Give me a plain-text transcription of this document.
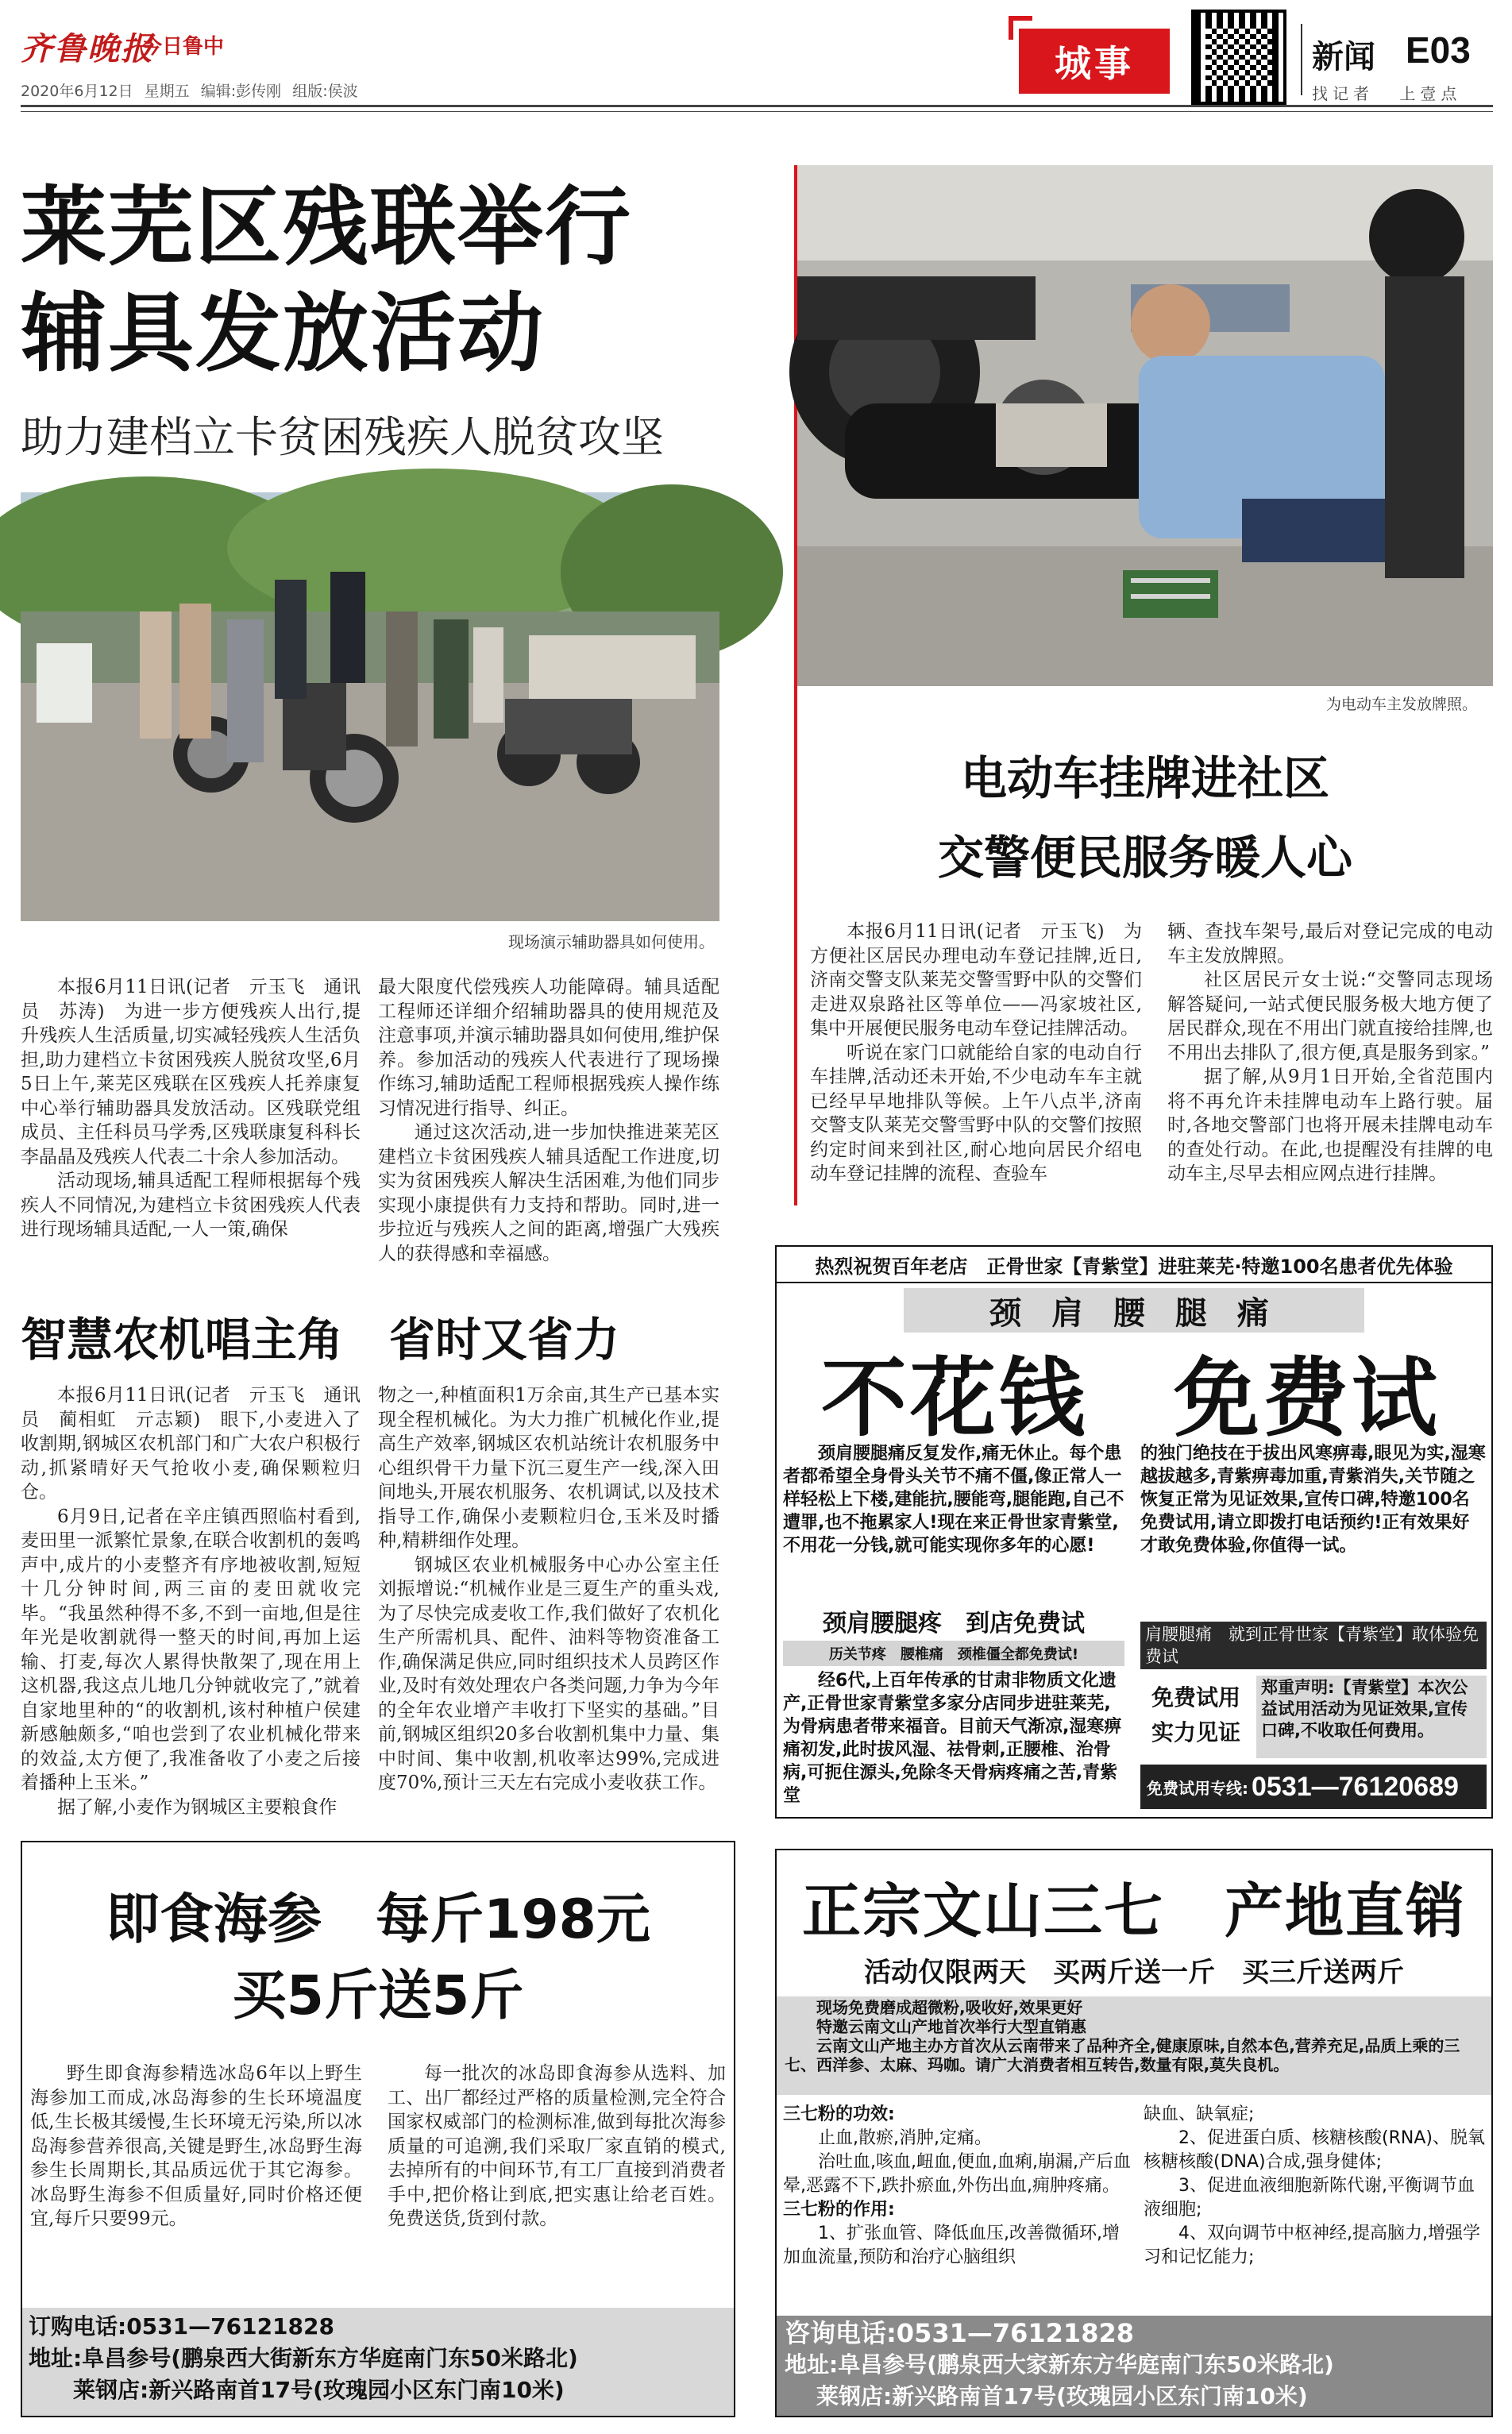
齐鲁晚报
今日鲁中
2020年6月12日 星期五 编辑:彭传刚 组版:侯波
城事	新闻 E03
找记者 上壹点
莱芜区残联举行
辅具发放活动
助力建档立卡贫困残疾人脱贫攻坚
现场演示辅助器具如何使用。

本报6月11日讯(记者　亓玉飞　通讯员　苏涛)　为进一步方便残疾人出行,提升残疾人生活质量,切实减轻残疾人生活负担,助力建档立卡贫困残疾人脱贫攻坚,6月5日上午,莱芜区残联在区残疾人托养康复中心举行辅助器具发放活动。区残联党组成员、主任科员马学秀,区残联康复科科长李晶晶及残疾人代表二十余人参加活动。

活动现场,辅具适配工程师根据每个残疾人不同情况,为建档立卡贫困残疾人代表进行现场辅具适配,一人一策,确保

最大限度代偿残疾人功能障碍。辅具适配工程师还详细介绍辅助器具的使用规范及注意事项,并演示辅助器具如何使用,维护保养。参加活动的残疾人代表进行了现场操作练习,辅助适配工程师根据残疾人操作练习情况进行指导、纠正。

通过这次活动,进一步加快推进莱芜区建档立卡贫困残疾人辅具适配工作进度,切实为贫困残疾人解决生活困难,为他们同步实现小康提供有力支持和帮助。同时,进一步拉近与残疾人之间的距离,增强广大残疾人的获得感和幸福感。

为电动车主发放牌照。
电动车挂牌进社区
交警便民服务暖人心

本报6月11日讯(记者　亓玉飞)　为方便社区居民办理电动车登记挂牌,近日,济南交警支队莱芜交警雪野中队的交警们走进双泉路社区等单位——冯家坡社区,集中开展便民服务电动车登记挂牌活动。

听说在家门口就能给自家的电动自行车挂牌,活动还未开始,不少电动车车主就已经早早地排队等候。上午八点半,济南交警支队莱芜交警雪野中队的交警们按照约定时间来到社区,耐心地向居民介绍电动车登记挂牌的流程、查验车

辆、查找车架号,最后对登记完成的电动车主发放牌照。

社区居民亓女士说:“交警同志现场解答疑问,一站式便民服务极大地方便了居民群众,现在不用出门就直接给挂牌,也不用出去排队了,很方便,真是服务到家。”

据了解,从9月1日开始,全省范围内将不再允许未挂牌电动车上路行驶。届时,各地交警部门也将开展未挂牌电动车的查处行动。在此,也提醒没有挂牌的电动车主,尽早去相应网点进行挂牌。

智慧农机唱主角　省时又省力

本报6月11日讯(记者　亓玉飞　通讯员　蔺相虹　亓志颖)　眼下,小麦进入了收割期,钢城区农机部门和广大农户积极行动,抓紧晴好天气抢收小麦,确保颗粒归仓。

6月9日,记者在辛庄镇西照临村看到,麦田里一派繁忙景象,在联合收割机的轰鸣声中,成片的小麦整齐有序地被收割,短短十几分钟时间,两三亩的麦田就收完毕。“我虽然种得不多,不到一亩地,但是往年光是收割就得一整天的时间,再加上运输、打麦,每次人累得快散架了,现在用上这机器,我这点儿地几分钟就收完了,”就着自家地里种的“的收割机,该村种植户侯建新感触颇多,“咱也尝到了农业机械化带来的效益,太方便了,我准备收了小麦之后接着播种上玉米。”

据了解,小麦作为钢城区主要粮食作

物之一,种植面积1万余亩,其生产已基本实现全程机械化。为大力推广机械化作业,提高生产效率,钢城区农机站统计农机服务中心组织骨干力量下沉三夏生产一线,深入田间地头,开展农机服务、农机调试,以及技术指导工作,确保小麦颗粒归仓,玉米及时播种,精耕细作处理。

钢城区农业机械服务中心办公室主任刘振增说:“机械作业是三夏生产的重头戏,为了尽快完成麦收工作,我们做好了农机化生产所需机具、配件、油料等物资准备工作,确保满足供应,同时组织技术人员跨区作业,及时有效处理农户各类问题,力争为今年的全年农业增产丰收打下坚实的基础。”目前,钢城区组织20多台收割机集中力量、集中时间、集中收割,机收率达99%,完成进度70%,预计三天左右完成小麦收获工作。

热烈祝贺百年老店　正骨世家【青紫堂】进驻莱芜·特邀100名患者优先体验
颈 肩 腰 腿 痛
不花钱 免费试
颈肩腰腿痛反复发作,痛无休止。每个患者都希望全身骨头关节不痛不僵,像正常人一样轻松上下楼,建能抗,腰能弯,腿能跑,自己不遭罪,也不拖累家人!现在来正骨世家青紫堂,不用花一分钱,就可能实现你多年的心愿!
颈肩腰腿疼　到店免费试
历关节疼　腰椎痛　颈椎僵全都免费试!
经6代,上百年传承的甘肃非物质文化遗产,正骨世家青紫堂多家分店同步进驻莱芜,为骨病患者带来福音。目前天气渐凉,湿寒痹痛初发,此时拔风湿、祛骨刺,正腰椎、治骨病,可扼住源头,免除冬天骨病疼痛之苦,青紫堂
的独门绝技在于拔出风寒痹毒,眼见为实,湿寒越拔越多,青紫痹毒加重,青紫消失,关节随之恢复正常为见证效果,宣传口碑,特邀100名免费试用,请立即拨打电话预约!正有效果好才敢免费体验,你值得一试。
肩腰腿痛　就到正骨世家【青紫堂】敢体验免费试
免费试用
实力见证
郑重声明:【青紫堂】本次公益试用活动为见证效果,宣传口碑,不收取任何费用。
免费试用专线: 0531—76120689
即食海参　每斤198元
买5斤送5斤

野生即食海参精选冰岛6年以上野生海参加工而成,冰岛海参的生长环境温度低,生长极其缓慢,生长环境无污染,所以冰岛海参营养很高,关键是野生,冰岛野生海参生长周期长,其品质远优于其它海参。冰岛野生海参不但质量好,同时价格还便宜,每斤只要99元。

每一批次的冰岛即食海参从选料、加工、出厂都经过严格的质量检测,完全符合国家权威部门的检测标准,做到每批次海参质量的可追溯,我们采取厂家直销的模式,去掉所有的中间环节,有工厂直接到消费者手中,把价格让到底,把实惠让给老百姓。免费送货,货到付款。

订购电话:0531—76121828
地址:阜昌参号(鹏泉西大街新东方华庭南门东50米路北)
莱钢店:新兴路南首17号(玫瑰园小区东门南10米)
正宗文山三七　产地直销
活动仅限两天　买两斤送一斤　买三斤送两斤
现场免费磨成超微粉,吸收好,效果更好
特邀云南文山产地首次举行大型直销惠
云南文山产地主办方首次从云南带来了品种齐全,健康原味,自然本色,营养充足,品质上乘的三七、西洋参、太麻、玛咖。请广大消费者相互转告,数量有限,莫失良机。
三七粉的功效:
止血,散瘀,消肿,定痛。
治吐血,咳血,衄血,便血,血痢,崩漏,产后血晕,恶露不下,跌扑瘀血,外伤出血,痈肿疼痛。
三七粉的作用:
1、扩张血管、降低血压,改善微循环,增加血流量,预防和治疗心脑组织
缺血、缺氧症;
2、促进蛋白质、核糖核酸(RNA)、脱氧核糖核酸(DNA)合成,强身健体;
3、促进血液细胞新陈代谢,平衡调节血液细胞;
4、双向调节中枢神经,提高脑力,增强学习和记忆能力;
咨询电话:0531—76121828
地址:阜昌参号(鹏泉西大家新东方华庭南门东50米路北)
莱钢店:新兴路南首17号(玫瑰园小区东门南10米)
